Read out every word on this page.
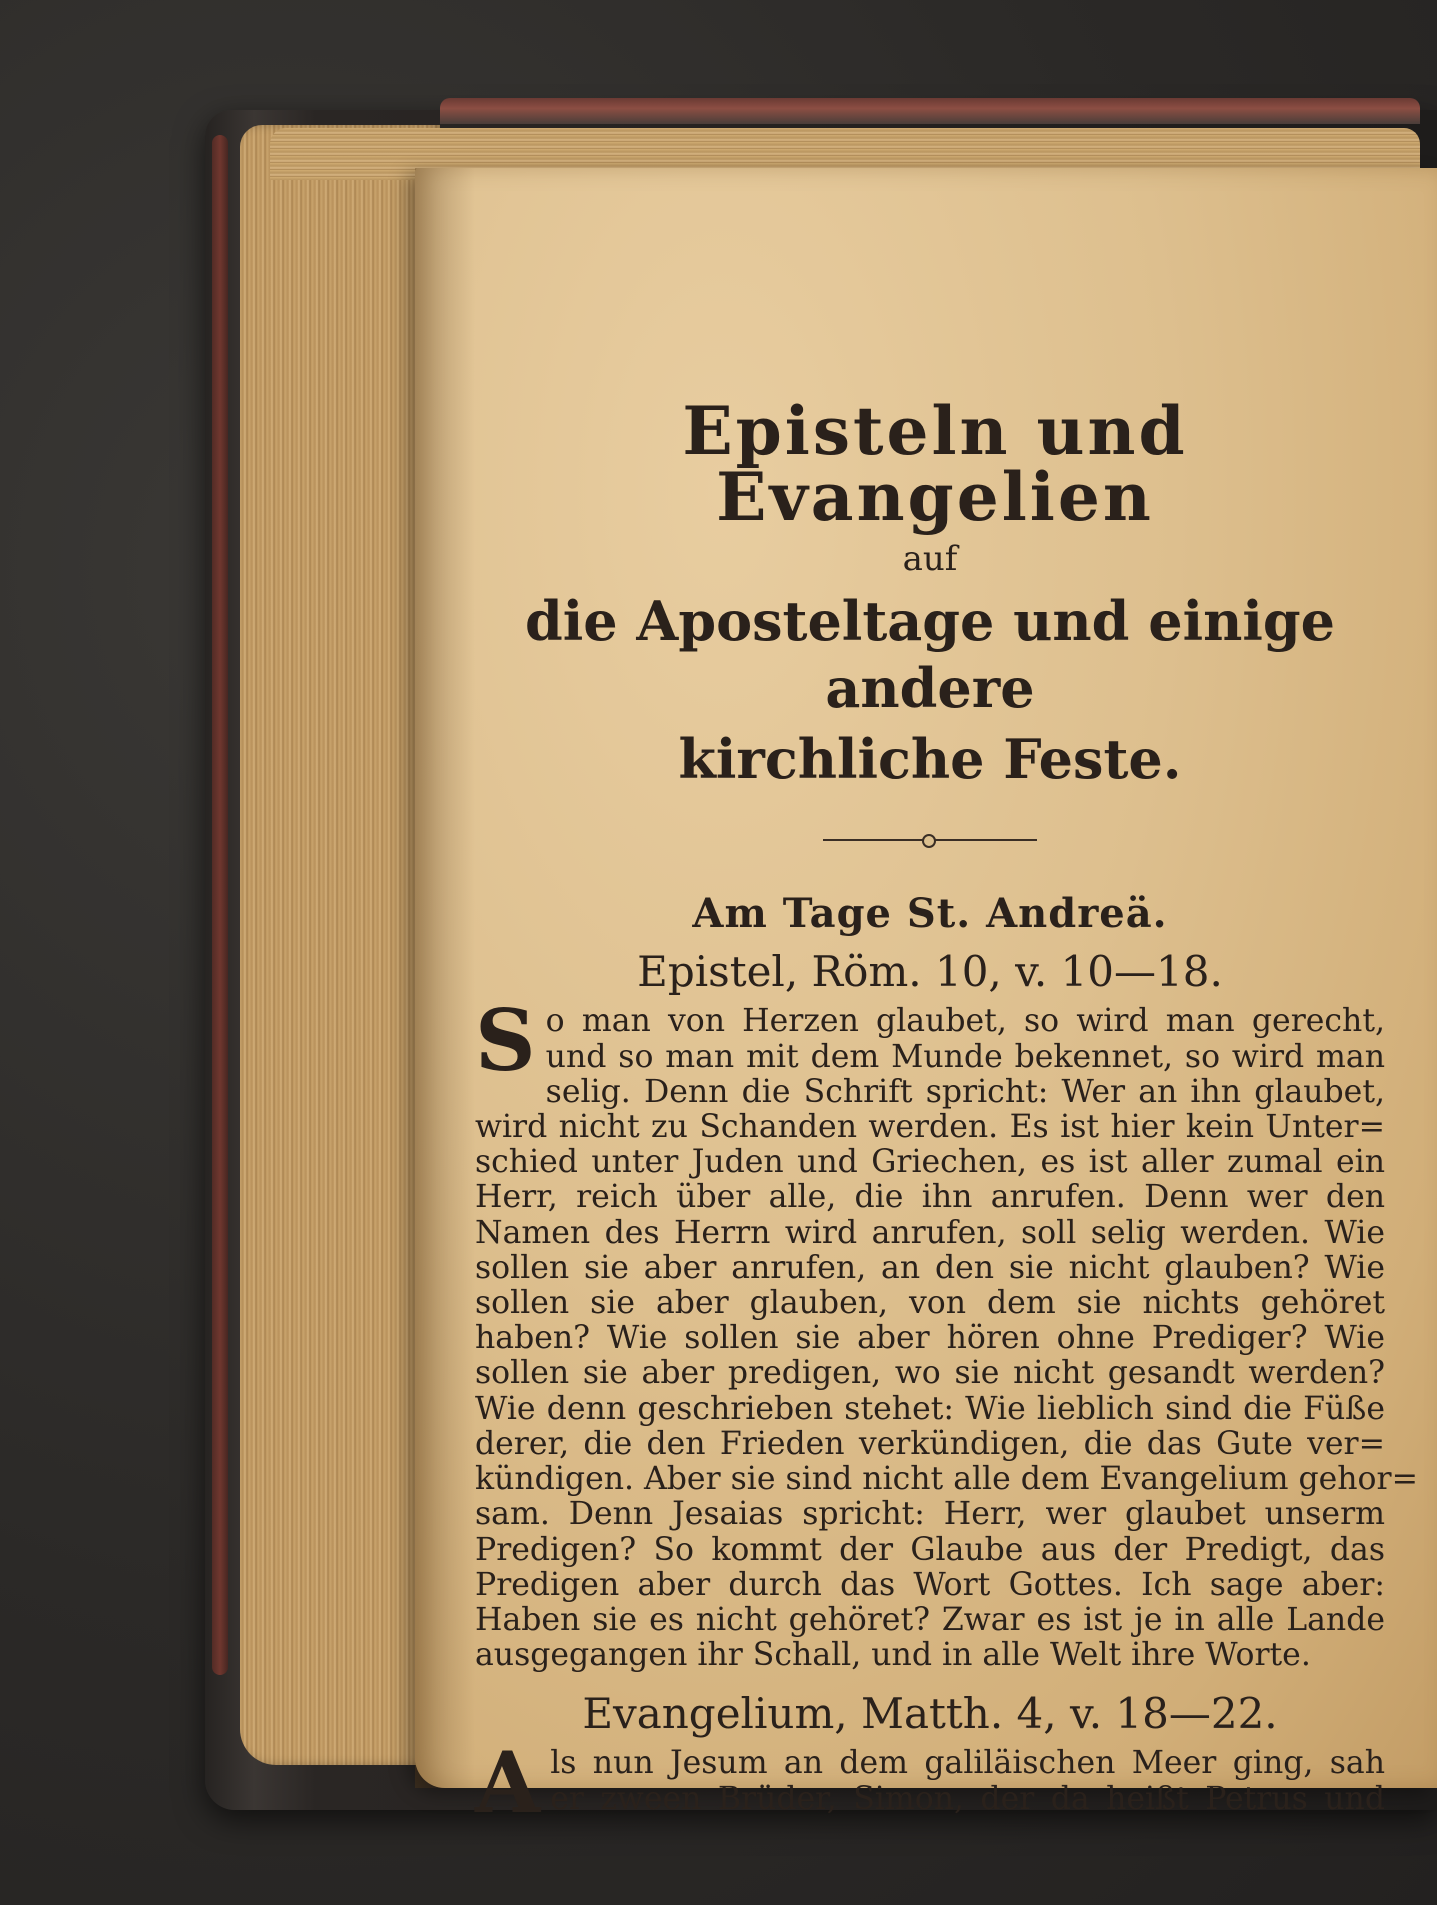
Episteln und Evangelien
auf
die Aposteltage und einige andere
kirchliche Feste.
Am Tage St. Andreä.
Epistel, Röm. 10, v. 10—18.
S o man von Herzen glaubet, so wird man gerecht,
und so man mit dem Munde bekennet, so wird man
selig. Denn die Schrift spricht: Wer an ihn glaubet,
wird nicht zu Schanden werden. Es ist hier kein Unter=
schied unter Juden und Griechen, es ist aller zumal ein
Herr, reich über alle, die ihn anrufen. Denn wer den
Namen des Herrn wird anrufen, soll selig werden. Wie
sollen sie aber anrufen, an den sie nicht glauben? Wie
sollen sie aber glauben, von dem sie nichts gehöret
haben? Wie sollen sie aber hören ohne Prediger? Wie
sollen sie aber predigen, wo sie nicht gesandt werden?
Wie denn geschrieben stehet: Wie lieblich sind die Füße
derer, die den Frieden verkündigen, die das Gute ver=
kündigen. Aber sie sind nicht alle dem Evangelium gehor=
sam. Denn Jesaias spricht: Herr, wer glaubet unserm
Predigen? So kommt der Glaube aus der Predigt, das
Predigen aber durch das Wort Gottes. Ich sage aber:
Haben sie es nicht gehöret? Zwar es ist je in alle Lande
ausgegangen ihr Schall, und in alle Welt ihre Worte.
Evangelium, Matth. 4, v. 18—22.
A ls nun Jesum an dem galiläischen Meer ging, sah
er zween Brüder, Simon, der da heißt Petrus und
